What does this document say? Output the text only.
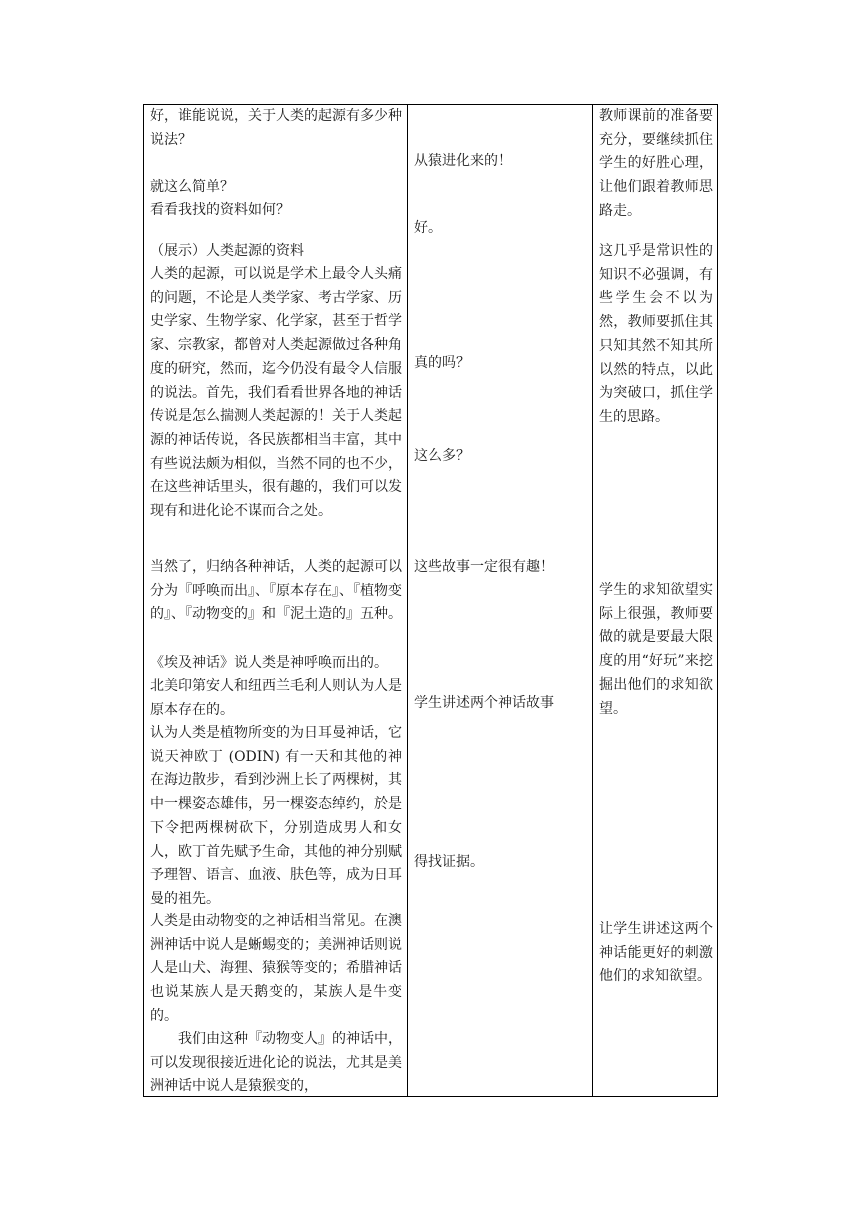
好，谁能说说，关于人类的起源有多少种说法？

就这么简单？

看看我找的资料如何？

（展示）人类起源的资料

人类的起源，可以说是学术上最令人头痛的问题，不论是人类学家、考古学家、历史学家、生物学家、化学家，甚至于哲学家、宗教家，都曾对人类起源做过各种角度的研究，然而，迄今仍没有最令人信服的说法。首先，我们看看世界各地的神话传说是怎么揣测人类起源的！关于人类起源的神话传说，各民族都相当丰富，其中有些说法颇为相似，当然不同的也不少，在这些神话里头，很有趣的，我们可以发现有和进化论不谋而合之处。

当然了，归纳各种神话，人类的起源可以分为『呼唤而出』、『原本存在』、『植物变的』、『动物变的』和『泥土造的』五种。

《埃及神话》说人类是神呼唤而出的。

北美印第安人和纽西兰毛利人则认为人是原本存在的。

认为人类是植物所变的为日耳曼神话，它说天神欧丁 (ODIN) 有一天和其他的神在海边散步，看到沙洲上长了两棵树，其中一棵姿态雄伟，另一棵姿态绰约，於是下令把两棵树砍下，分别造成男人和女人，欧丁首先赋予生命，其他的神分别赋予理智、语言、血液、肤色等，成为日耳曼的祖先。

人类是由动物变的之神话相当常见。在澳洲神话中说人是蜥蜴变的；美洲神话则说人是山犬、海狸、猿猴等变的；希腊神话也说某族人是天鹅变的，某族人是牛变的。

我们由这种『动物变人』的神话中，可以发现很接近进化论的说法，尤其是美洲神话中说人是猿猴变的，

从猿进化来的！

好。

真的吗？

这么多？

这些故事一定很有趣！

学生讲述两个神话故事

得找证据。

教师课前的准备要充分，要继续抓住学生的好胜心理，让他们跟着教师思路走。

这几乎是常识性的知识不必强调，有些学生会不以为然，教师要抓住其只知其然不知其所以然的特点，以此为突破口，抓住学生的思路。

学生的求知欲望实际上很强，教师要做的就是要最大限度的用“好玩”来挖掘出他们的求知欲望。

让学生讲述这两个神话能更好的刺激他们的求知欲望。
